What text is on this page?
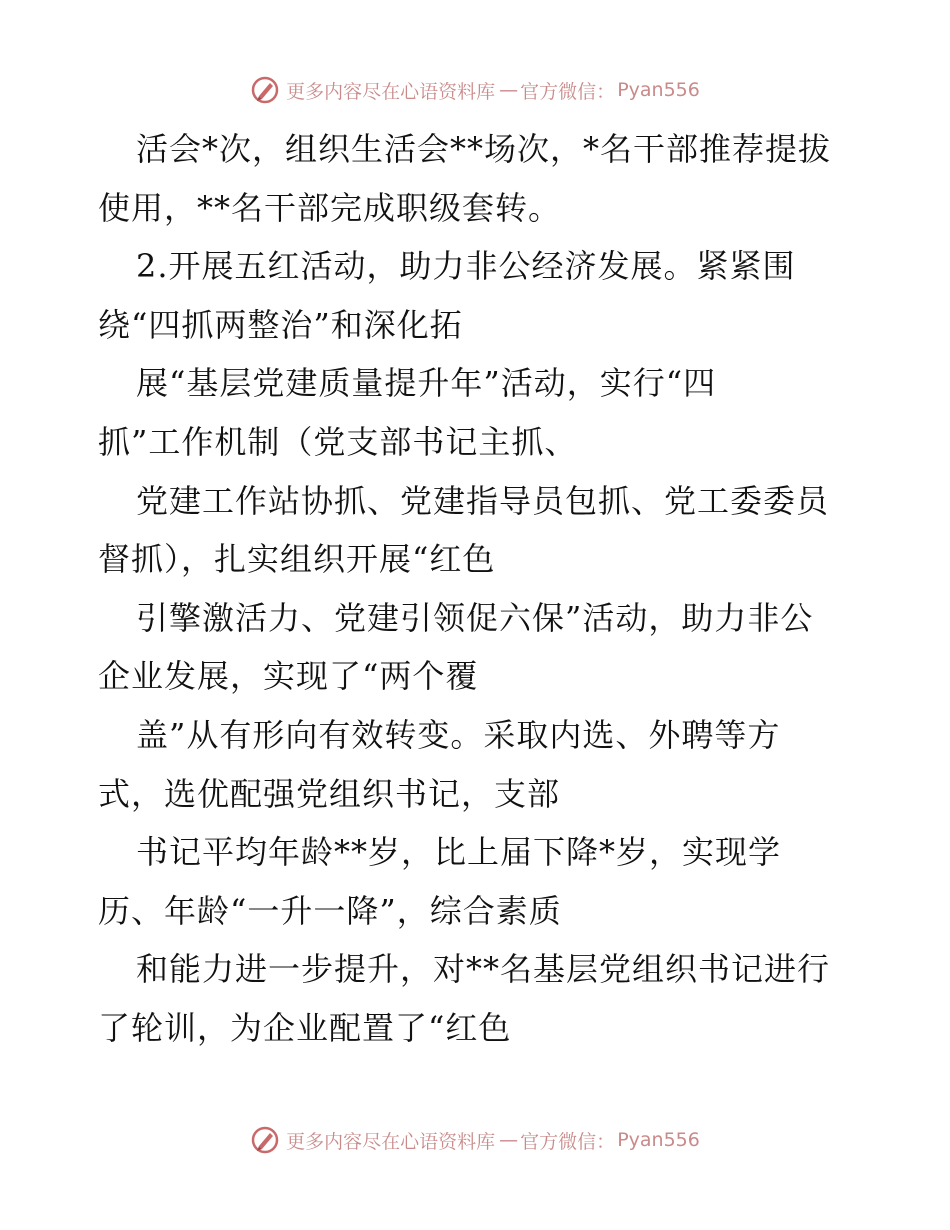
更多内容尽在心语资料库 — 官方微信： Pyan556
活会*次，组织生活会**场次，*名干部推荐提拔
使用，**名干部完成职级套转。
2.开展五红活动，助力非公经济发展。紧紧围
绕“四抓两整治”和深化拓
展“基层党建质量提升年”活动，实行“四
抓”工作机制（党支部书记主抓、
党建工作站协抓、党建指导员包抓、党工委委员
督抓），扎实组织开展“红色
引擎激活力、党建引领促六保”活动，助力非公
企业发展，实现了“两个覆
盖”从有形向有效转变。采取内选、外聘等方
式，选优配强党组织书记，支部
书记平均年龄**岁，比上届下降*岁，实现学
历、年龄“一升一降”，综合素质
和能力进一步提升，对**名基层党组织书记进行
了轮训，为企业配置了“红色
更多内容尽在心语资料库 — 官方微信： Pyan556
